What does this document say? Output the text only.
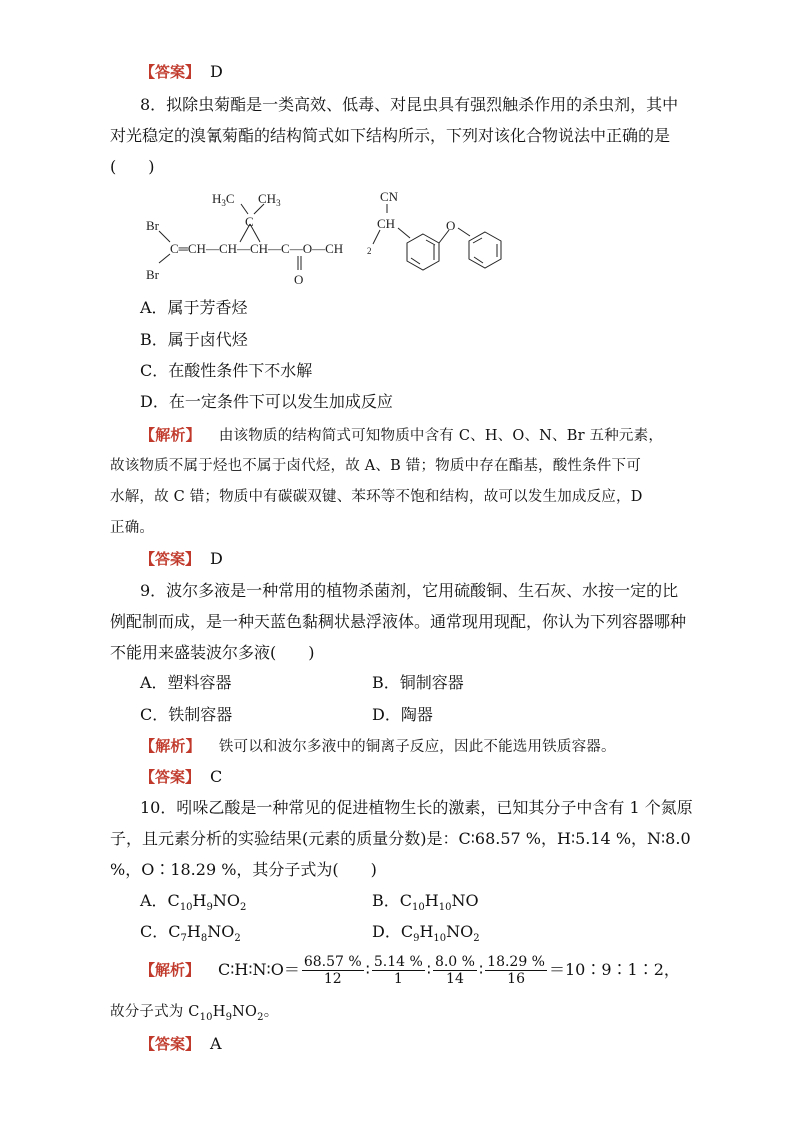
【答案】 D
8．拟除虫菊酯是一类高效、低毒、对昆虫具有强烈触杀作用的杀虫剂，其中
对光稳定的溴氰菊酯的结构简式如下结构所示，下列对该化合物说法中正确的是
(　　)
Br
Br
C═CH—CH—CH—C—O—CH
$H_3C$ $CH_3$
C
O
2
CN
CH	O
A．属于芳香烃
B．属于卤代烃
C．在酸性条件下不水解
D．在一定条件下可以发生加成反应
【解析】 由该物质的结构简式可知物质中含有 C、H、O、N、Br 五种元素，
故该物质不属于烃也不属于卤代烃，故 A、B 错；物质中存在酯基，酸性条件下可
水解，故 C 错；物质中有碳碳双键、苯环等不饱和结构，故可以发生加成反应，D
正确。
【答案】 D
9．波尔多液是一种常用的植物杀菌剂，它用硫酸铜、生石灰、水按一定的比
例配制而成，是一种天蓝色黏稠状悬浮液体。通常现用现配，你认为下列容器哪种
不能用来盛装波尔多液(　　)
A．塑料容器	B．铜制容器
C．铁制容器	D．陶器
【解析】 铁可以和波尔多液中的铜离子反应，因此不能选用铁质容器。
【答案】 C
10．吲哚乙酸是一种常见的促进植物生长的激素，已知其分子中含有 1 个氮原
子，且元素分析的实验结果(元素的质量分数)是：C∶68.57 %，H∶5.14 %，N∶8.0
%，O∶18.29 %，其分子式为(　　)
A．$C_{10}H_9NO_2$	B．$C_{10}H_{10}NO$
C．$C_7H_8NO_2$	D．$C_9H_{10}NO_2$
【解析】 C∶H∶N∶O＝ $\frac{68.57 \%}{12}$ ∶ $\frac{5.14 \%}{1}$ ∶ $\frac{8.0 \%}{14}$ ∶ $\frac{18.29 \%}{16}$ ＝10∶9∶1∶2，
故分子式为 $C_{10}H_9NO_2$。
【答案】 A
